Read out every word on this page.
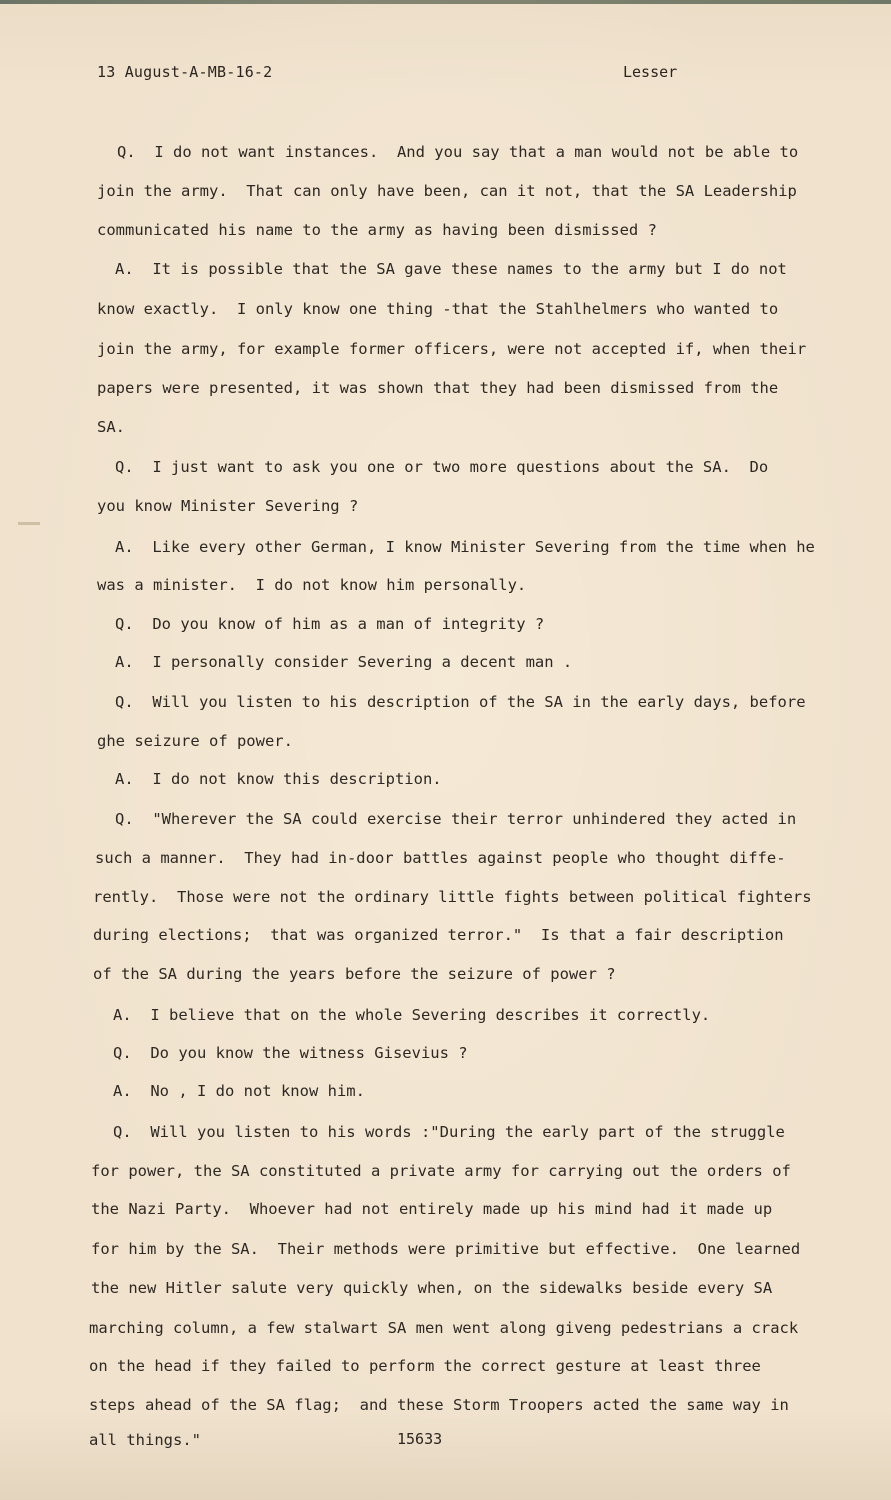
13 August-A-MB-16-2	Lesser
Q.  I do not want instances.  And you say that a man would not be able to
join the army.  That can only have been, can it not, that the SA Leadership
communicated his name to the army as having been dismissed ?
A.  It is possible that the SA gave these names to the army but I do not
know exactly.  I only know one thing -that the Stahlhelmers who wanted to
join the army, for example former officers, were not accepted if, when their
papers were presented, it was shown that they had been dismissed from the
SA.
Q.  I just want to ask you one or two more questions about the SA.  Do
you know Minister Severing ?
A.  Like every other German, I know Minister Severing from the time when he
was a minister.  I do not know him personally.
Q.  Do you know of him as a man of integrity ?
A.  I personally consider Severing a decent man .
Q.  Will you listen to his description of the SA in the early days, before
ghe seizure of power.
A.  I do not know this description.
Q.  "Wherever the SA could exercise their terror unhindered they acted in
such a manner.  They had in-door battles against people who thought diffe-
rently.  Those were not the ordinary little fights between political fighters
during elections;  that was organized terror."  Is that a fair description
of the SA during the years before the seizure of power ?
A.  I believe that on the whole Severing describes it correctly.
Q.  Do you know the witness Gisevius ?
A.  No , I do not know him.
Q.  Will you listen to his words :"During the early part of the struggle
for power, the SA constituted a private army for carrying out the orders of
the Nazi Party.  Whoever had not entirely made up his mind had it made up
for him by the SA.  Their methods were primitive but effective.  One learned
the new Hitler salute very quickly when, on the sidewalks beside every SA
marching column, a few stalwart SA men went along giveng pedestrians a crack
on the head if they failed to perform the correct gesture at least three
steps ahead of the SA flag;  and these Storm Troopers acted the same way in
all things."	15633
